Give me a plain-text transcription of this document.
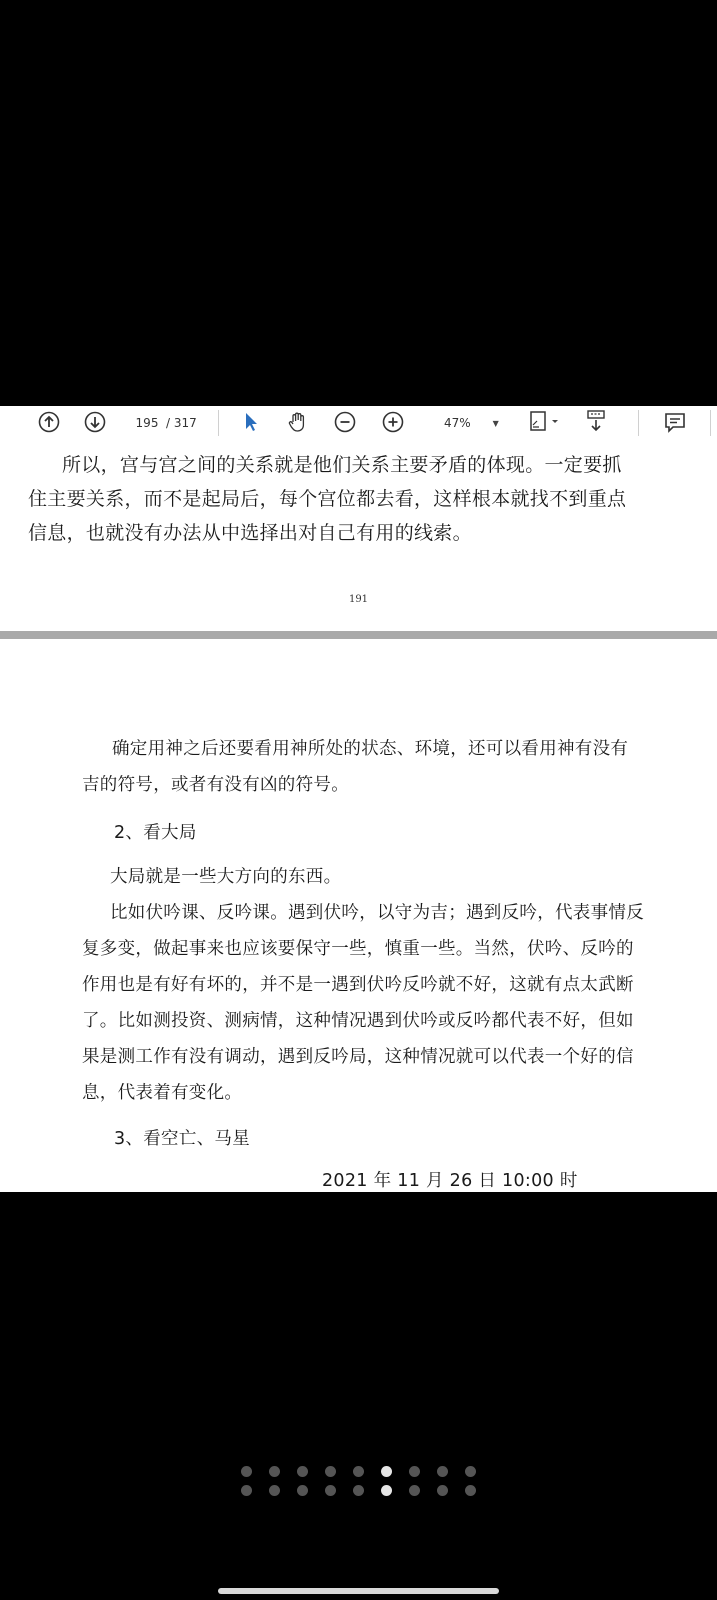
195 / 317	47%	▼
所以，宫与宫之间的关系就是他们关系主要矛盾的体现。一定要抓
住主要关系，而不是起局后，每个宫位都去看，这样根本就找不到重点
信息，也就没有办法从中选择出对自己有用的线索。
191
确定用神之后还要看用神所处的状态、环境，还可以看用神有没有
吉的符号，或者有没有凶的符号。
2、看大局
大局就是一些大方向的东西。
比如伏吟课、反吟课。遇到伏吟，以守为吉；遇到反吟，代表事情反
复多变，做起事来也应该要保守一些，慎重一些。当然，伏吟、反吟的
作用也是有好有坏的，并不是一遇到伏吟反吟就不好，这就有点太武断
了。比如测投资、测病情，这种情况遇到伏吟或反吟都代表不好，但如
果是测工作有没有调动，遇到反吟局，这种情况就可以代表一个好的信
息，代表着有变化。
3、看空亡、马星
2021 年 11 月 26 日 10:00 时
